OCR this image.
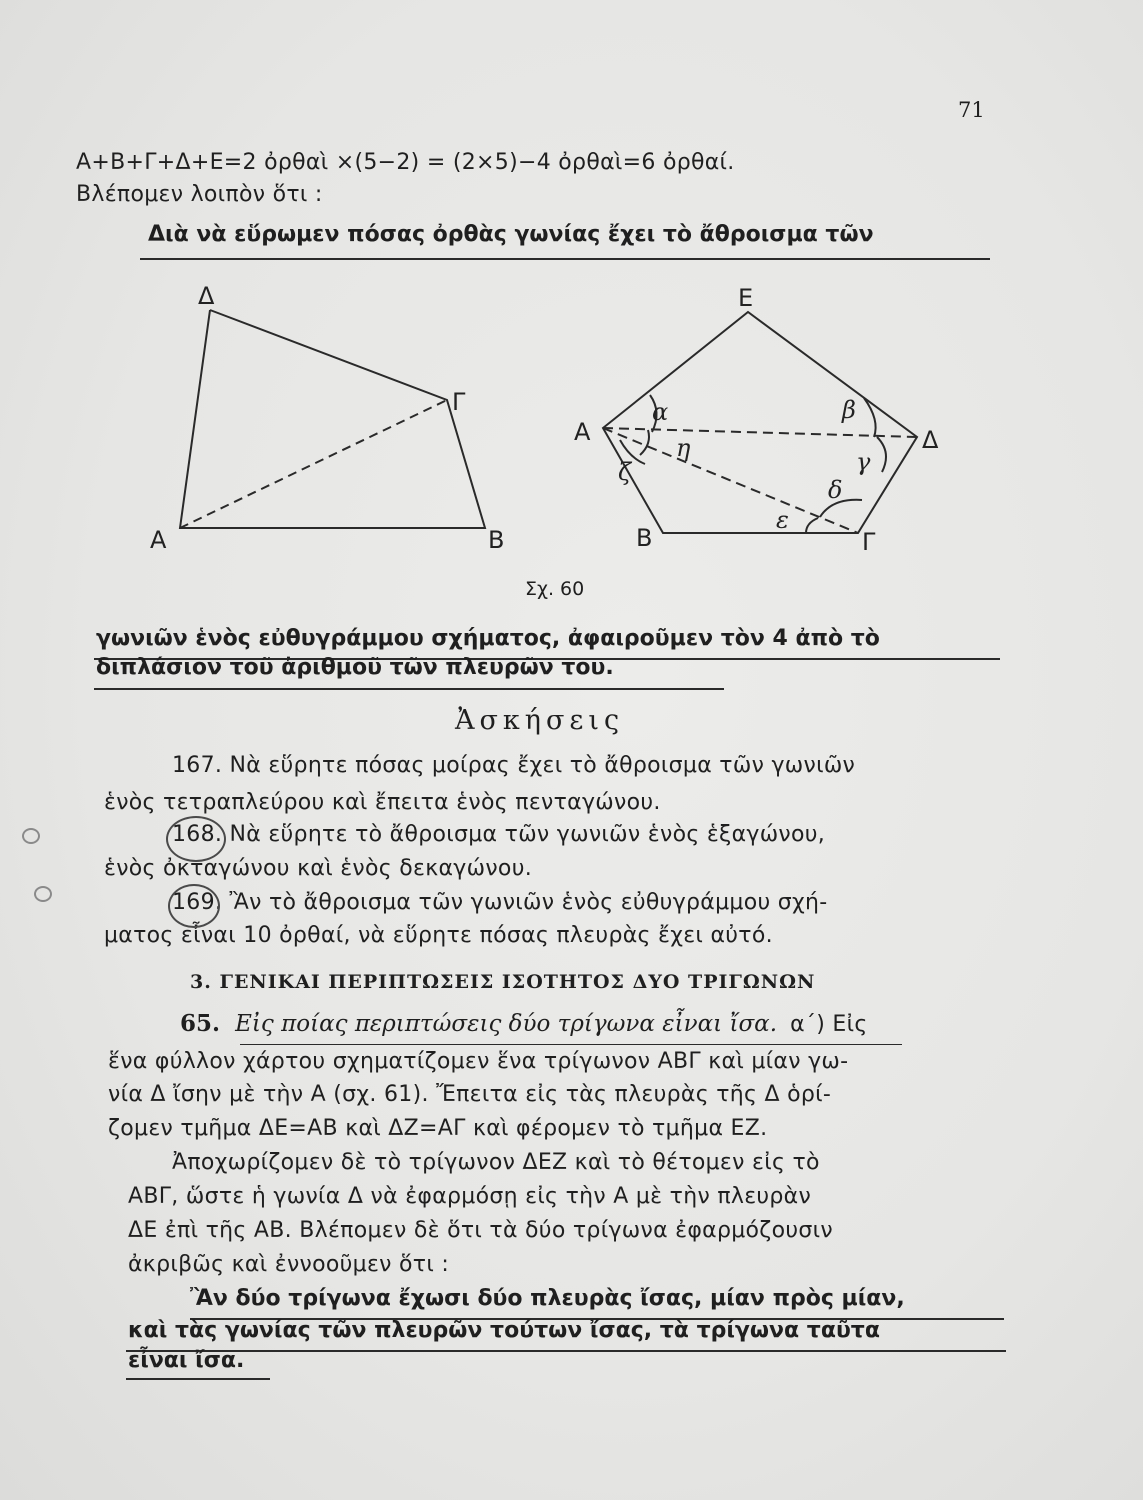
71
Α+Β+Γ+Δ+Ε=2 ὀρθαὶ ×(5−2) = (2×5)−4 ὀρθαὶ=6 ὀρθαί.
Βλέπομεν λοιπὸν ὅτι :
Διὰ νὰ εὕρωμεν πόσας ὀρθὰς γωνίας ἔχει τὸ ἄθροισμα τῶν
Δ
Γ
Α	Β
Ε
Α	Δ
Β	Γ
α
η
ζ
β
γ
δ
ε
Σχ. 60
γωνιῶν ἑνὸς εὐθυγράμμου σχήματος, ἀφαιροῦμεν τὸν 4 ἀπὸ τὸ
διπλάσιον τοῦ ἀριθμοῦ τῶν πλευρῶν του.
Ἀσκήσεις
167. Νὰ εὕρητε πόσας μοίρας ἔχει τὸ ἄθροισμα τῶν γωνιῶν
ἑνὸς τετραπλεύρου καὶ ἔπειτα ἑνὸς πενταγώνου.
168. Νὰ εὕρητε τὸ ἄθροισμα τῶν γωνιῶν ἑνὸς ἑξαγώνου,
ἑνὸς ὀκταγώνου καὶ ἑνὸς δεκαγώνου.
169. Ἂν τὸ ἄθροισμα τῶν γωνιῶν ἑνὸς εὐθυγράμμου σχή-
ματος εἶναι 10 ὀρθαί, νὰ εὕρητε πόσας πλευρὰς ἔχει αὐτό.
3. ΓΕΝΙΚΑΙ ΠΕΡΙΠΤΩΣΕΙΣ ΙΣΟΤΗΤΟΣ ΔΥΟ ΤΡΙΓΩΝΩΝ
65. Εἰς ποίας περιπτώσεις δύο τρίγωνα εἶναι ἴσα. α΄) Εἰς
ἕνα φύλλον χάρτου σχηματίζομεν ἕνα τρίγωνον ΑΒΓ καὶ μίαν γω-
νία Δ ἴσην μὲ τὴν Α (σχ. 61). Ἔπειτα εἰς τὰς πλευρὰς τῆς Δ ὁρί-
ζομεν τμῆμα ΔΕ=ΑΒ καὶ ΔΖ=ΑΓ καὶ φέρομεν τὸ τμῆμα ΕΖ.
Ἀποχωρίζομεν δὲ τὸ τρίγωνον ΔΕΖ καὶ τὸ θέτομεν εἰς τὸ
ΑΒΓ, ὥστε ἡ γωνία Δ νὰ ἐφαρμόσῃ εἰς τὴν Α μὲ τὴν πλευρὰν
ΔΕ ἐπὶ τῆς ΑΒ. Βλέπομεν δὲ ὅτι τὰ δύο τρίγωνα ἐφαρμόζουσιν
ἀκριβῶς καὶ ἐννοοῦμεν ὅτι :
Ἂν δύο τρίγωνα ἔχωσι δύο πλευρὰς ἴσας, μίαν πρὸς μίαν,
καὶ τὰς γωνίας τῶν πλευρῶν τούτων ἴσας, τὰ τρίγωνα ταῦτα
εἶναι ἴσα.
